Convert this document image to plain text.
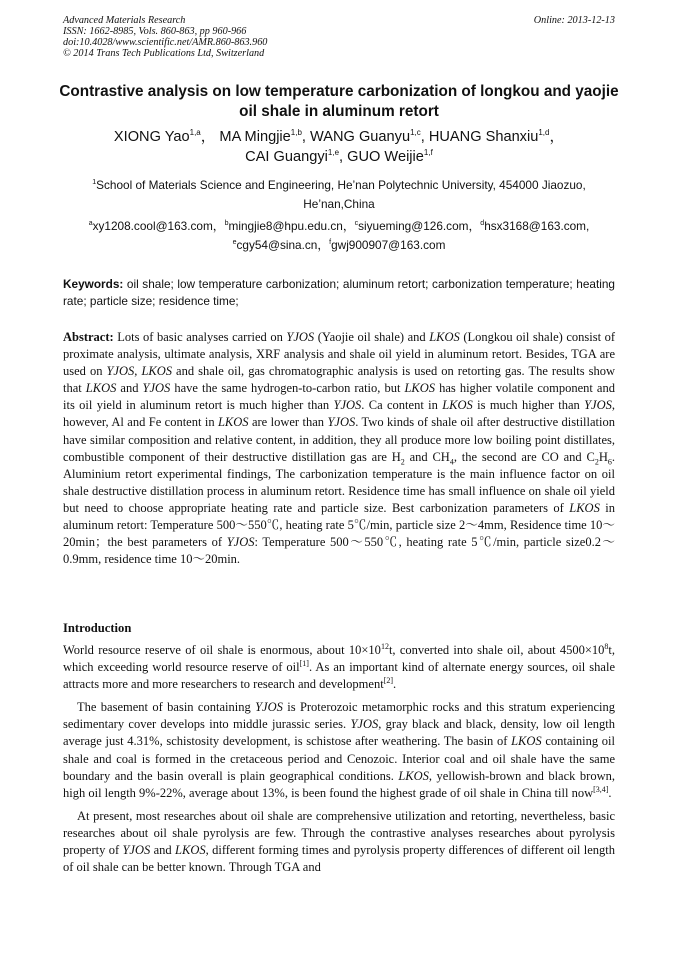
Advanced Materials Research
ISSN: 1662-8985, Vols. 860-863, pp 960-966
doi:10.4028/www.scientific.net/AMR.860-863.960
© 2014 Trans Tech Publications Ltd, Switzerland
Online: 2013-12-13
Contrastive analysis on low temperature carbonization of longkou and yaojie oil shale in aluminum retort
XIONG Yao$^{1,a}$， MA Mingjie$^{1,b}$, WANG Guanyu$^{1,c}$, HUANG Shanxiu$^{1,d}$，
CAI Guangyi$^{1,e}$, GUO Weijie$^{1,f}$
$^1$School of Materials Science and Engineering, He’nan Polytechnic University, 454000 Jiaozuo, He’nan,China
$^a$xy1208.cool@163.com，$^b$mingjie8@hpu.edu.cn，$^c$siyueming@126.com，$^d$hsx3168@163.com,
$^e$cgy54@sina.cn，$^f$gwj900907@163.com
Keywords: oil shale; low temperature carbonization; aluminum retort; carbonization temperature; heating rate; particle size; residence time;
Abstract: Lots of basic analyses carried on YJOS (Yaojie oil shale) and LKOS (Longkou oil shale) consist of proximate analysis, ultimate analysis, XRF analysis and shale oil yield in aluminum retort. Besides, TGA are used on YJOS, LKOS and shale oil, gas chromatographic analysis is used on retorting gas. The results show that LKOS and YJOS have the same hydrogen-to-carbon ratio, but LKOS has higher volatile component and its oil yield in aluminum retort is much higher than YJOS. Ca content in LKOS is much higher than YJOS, however, Al and Fe content in LKOS are lower than YJOS. Two kinds of shale oil after destructive distillation have similar composition and relative content, in addition, they all produce more low boiling point distillates, combustible component of their destructive distillation gas are $H_2$ and $CH_4$, the second are CO and $C_2H_6$. Aluminium retort experimental findings, The carbonization temperature is the main influence factor on oil shale destructive distillation process in aluminum retort. Residence time has small influence on shale oil yield but need to choose appropriate heating rate and particle size. Best carbonization parameters of LKOS in aluminum retort: Temperature 500～550℃, heating rate 5℃/min, particle size 2～4mm, Residence time 10～20min；the best parameters of YJOS: Temperature 500～550℃, heating rate 5℃/min, particle size0.2～0.9mm, residence time 10～20min.
Introduction

World resource reserve of oil shale is enormous, about $10\times 10^{12}t$, converted into shale oil, about $4500\times 10^8t$, which exceeding world resource reserve of oil[1]. As an important kind of alternate energy sources, oil shale attracts more and more researchers to research and development[2].

The basement of basin containing YJOS is Proterozoic metamorphic rocks and this stratum experiencing sedimentary cover develops into middle jurassic series. YJOS, gray black and black, density, low oil length average just 4.31%, schistosity development, is schistose after weathering. The basin of LKOS containing oil shale and coal is formed in the cretaceous period and Cenozoic. Interior coal and oil shale have the same boundary and the basin overall is plain geographical conditions. LKOS, yellowish-brown and black brown, high oil length 9%-22%, average about 13%, is been found the highest grade of oil shale in China till now[3,4].

At present, most researches about oil shale are comprehensive utilization and retorting, nevertheless, basic researches about oil shale pyrolysis are few. Through the contrastive analyses researches about pyrolysis property of YJOS and LKOS, different forming times and pyrolysis property differences of different oil length of oil shale can be better known. Through TGA and
